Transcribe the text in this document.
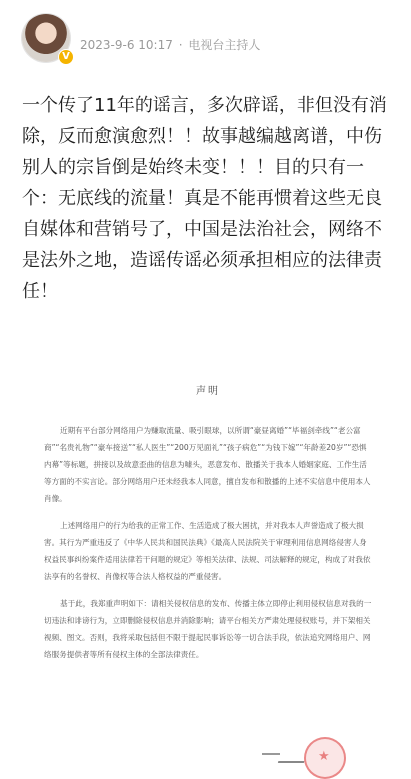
V
2023-9-6 10:17 · 电视台主持人

一个传了11年的谣言，多次辟谣，非但没有消除，反而愈演愈烈！！故事越编越离谱，中伤别人的宗旨倒是始终未变！！！目的只有一个：无底线的流量！真是不能再惯着这些无良自媒体和营销号了，中国是法治社会，网络不是法外之地，造谣传谣必须承担相应的法律责任！

声明

近期有平台部分网络用户为赚取流量、吸引眼球，以所谓“豪昼离婚”“毕福剑牵线”“老公富商”“名贵礼物”“豪车接送”“私人医生”“200万见面礼”“孩子病危”“为钱下嫁”“年龄差20岁”“恐惧内幕”等标题，拼接以及故意歪曲的信息为噱头，恶意发布、散播关于我本人婚姻家庭、工作生活等方面的不实言论。部分网络用户还未经我本人同意，擅自发布和散播的上述不实信息中使用本人肖像。

上述网络用户的行为给我的正常工作、生活造成了极大困扰，并对我本人声誉造成了极大损害。其行为严重违反了《中华人民共和国民法典》《最高人民法院关于审理利用信息网络侵害人身权益民事纠纷案件适用法律若干问题的规定》等相关法律、法规、司法解释的规定，构成了对我依法享有的名誉权、肖像权等合法人格权益的严重侵害。

基于此，我郑重声明如下：请相关侵权信息的发布、传播主体立即停止利用侵权信息对我的一切违法和诽谤行为，立即删除侵权信息并消除影响；请平台相关方严肃处理侵权账号，并下架相关视频、图文。否则，我将采取包括但不限于提起民事诉讼等一切合法手段，依法追究网络用户、网络服务提供者等所有侵权主体的全部法律责任。

★
